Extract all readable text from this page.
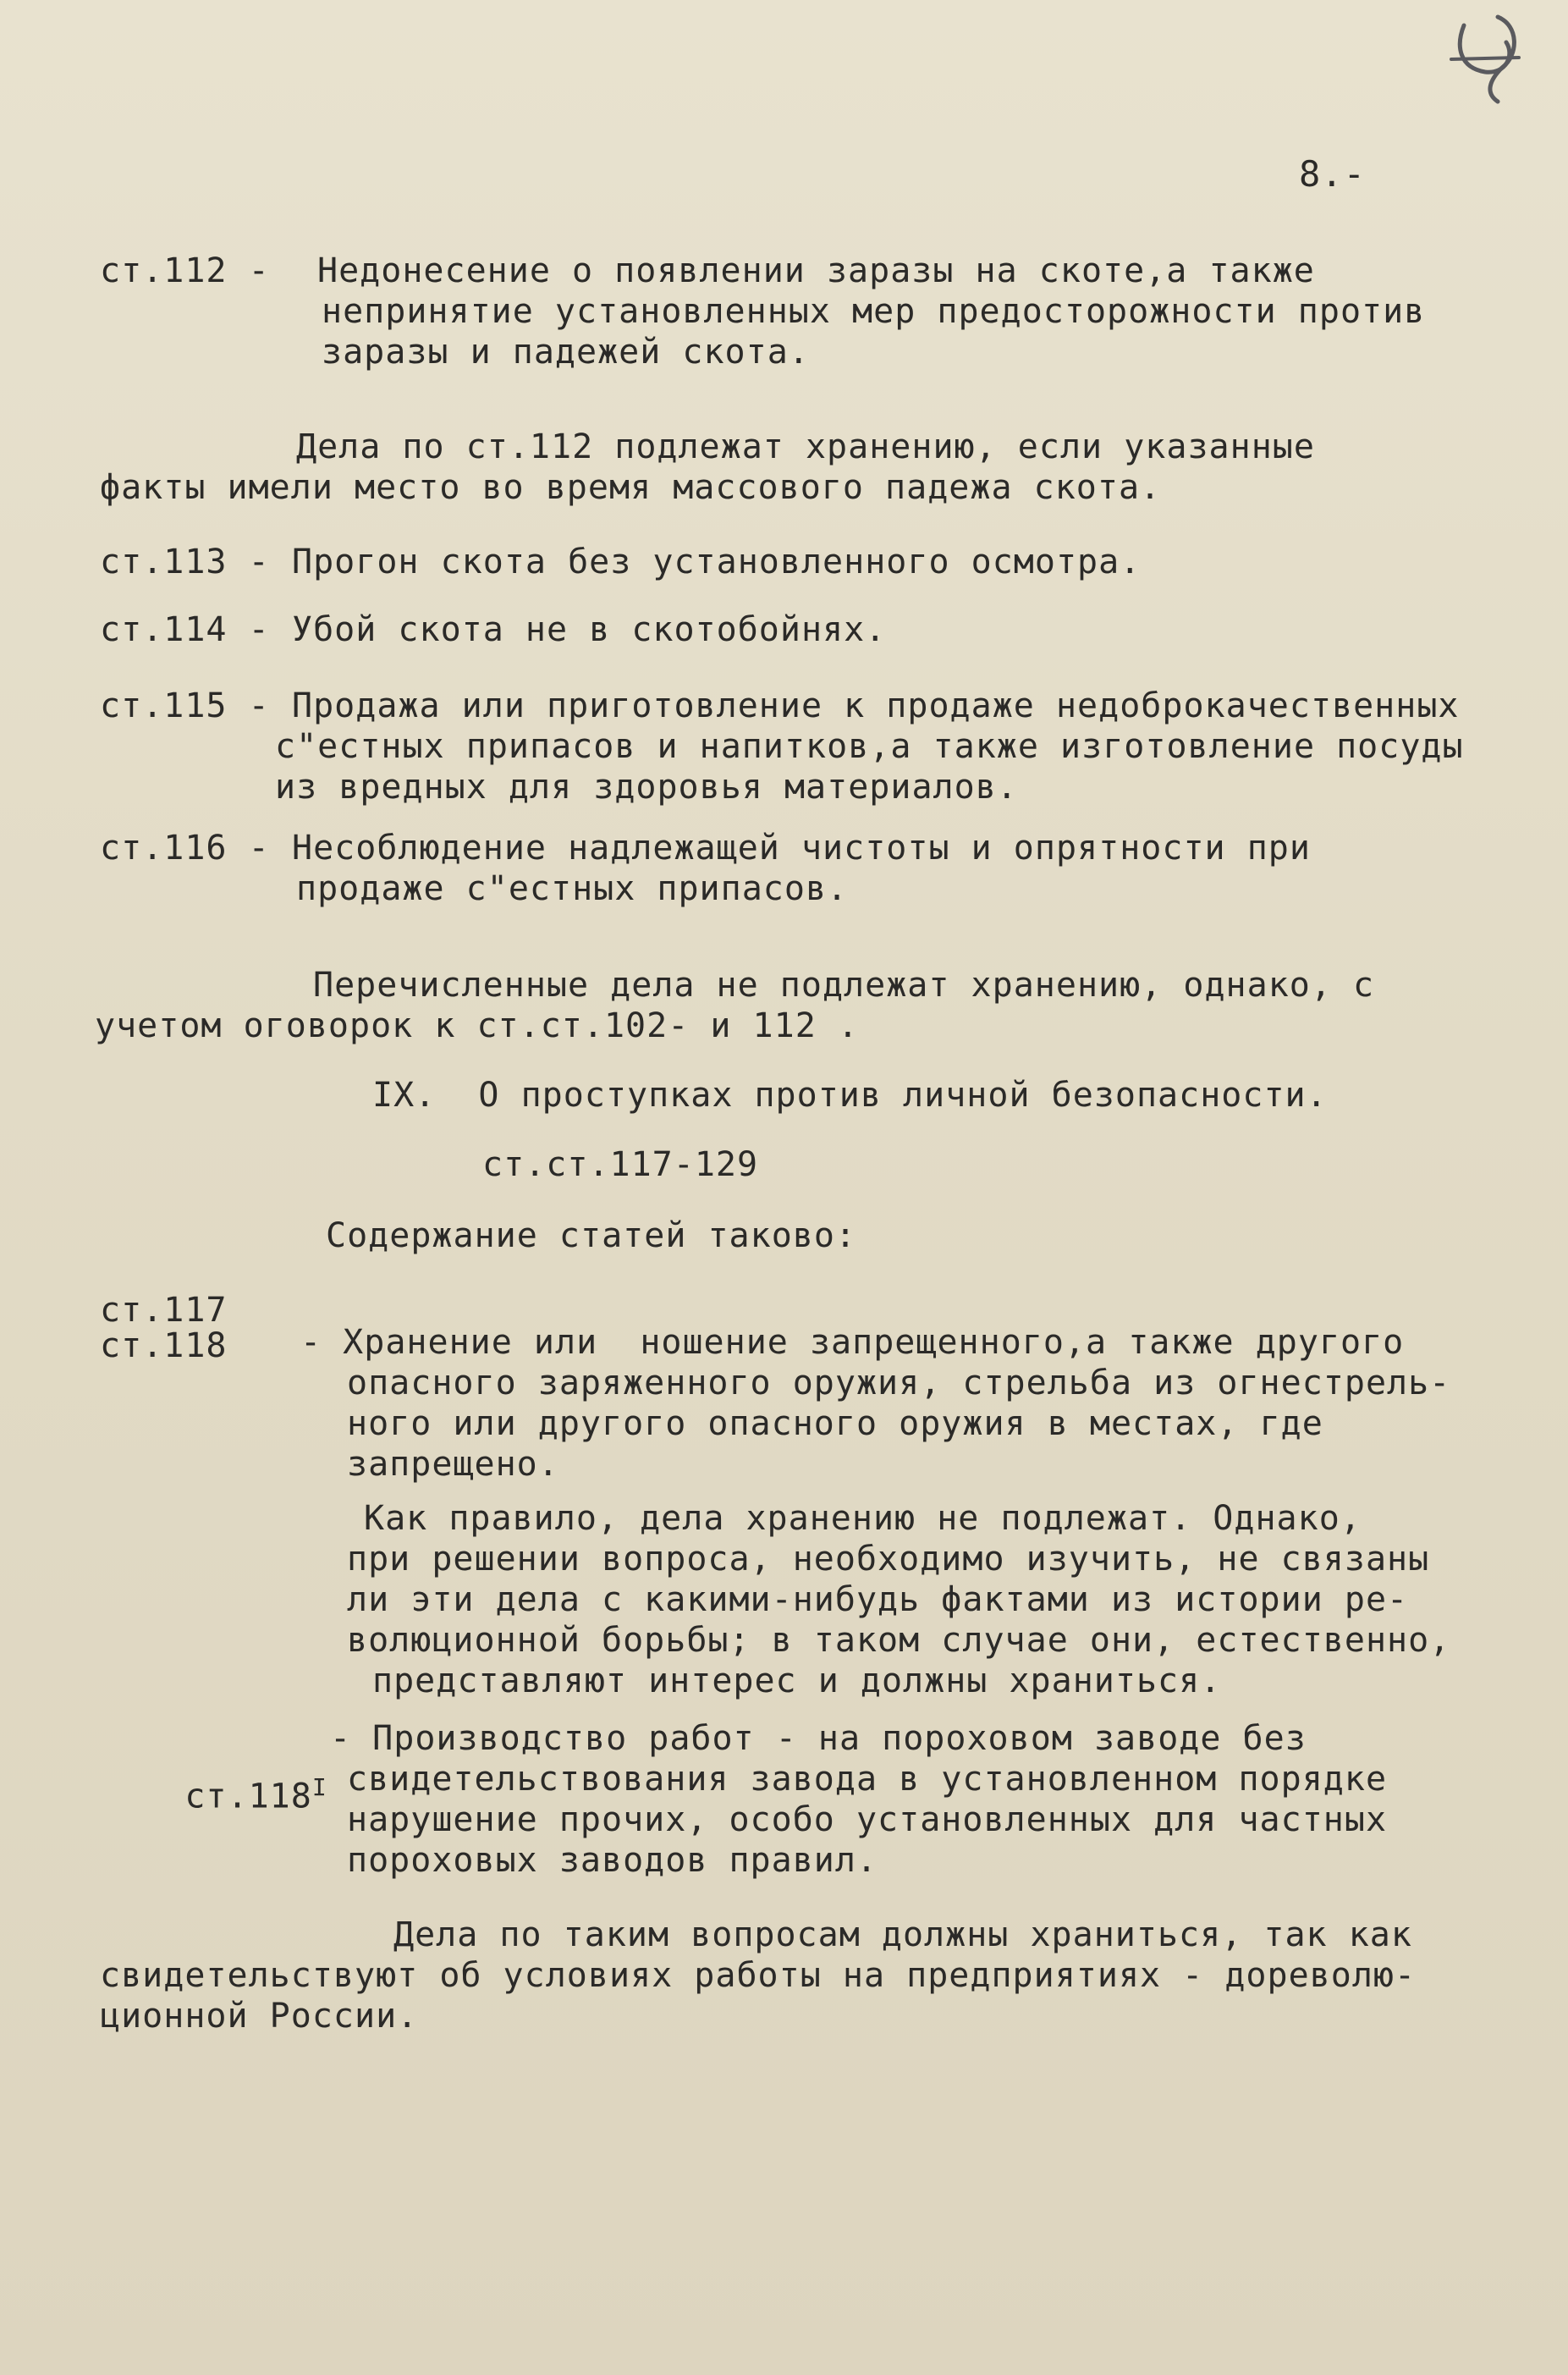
8.-
ст.112 - Недонесение о появлении заразы на скоте,а также
непринятие установленных мер предосторожности против
заразы и падежей скота.
Дела по ст.112 подлежат хранению, если указанные
факты имели место во время массового падежа скота.
ст.113 - Прогон скота без установленного осмотра.
ст.114 - Убой скота не в скотобойнях.
ст.115 - Продажа или приготовление к продаже недоброкачественных
с"естных припасов и напитков,а также изготовление посуды
из вредных для здоровья материалов.
ст.116 - Несоблюдение надлежащей чистоты и опрятности при
продаже с"естных припасов.
Перечисленные дела не подлежат хранению, однако, с
учетом оговорок к ст.ст.102- и 112 .
IX.  О проступках против личной безопасности.
ст.ст.117-129
Содержание статей таково:
ст.117
ст.118 - Хранение или  ношение запрещенного,а также другого
опасного заряженного оружия, стрельба из огнестрель-
ного или другого опасного оружия в местах, где
запрещено.
Как правило, дела хранению не подлежат. Однако,
при решении вопроса, необходимо изучить, не связаны
ли эти дела с какими-нибудь фактами из истории ре-
волюционной борьбы; в таком случае они, естественно,
представляют интерес и должны храниться.

$ст.118^I$

- Производство работ - на пороховом заводе без
свидетельствования завода в установленном порядке
нарушение прочих, особо установленных для частных
пороховых заводов правил.
Дела по таким вопросам должны храниться, так как
свидетельствуют об условиях работы на предприятиях - дореволю-
ционной России.
